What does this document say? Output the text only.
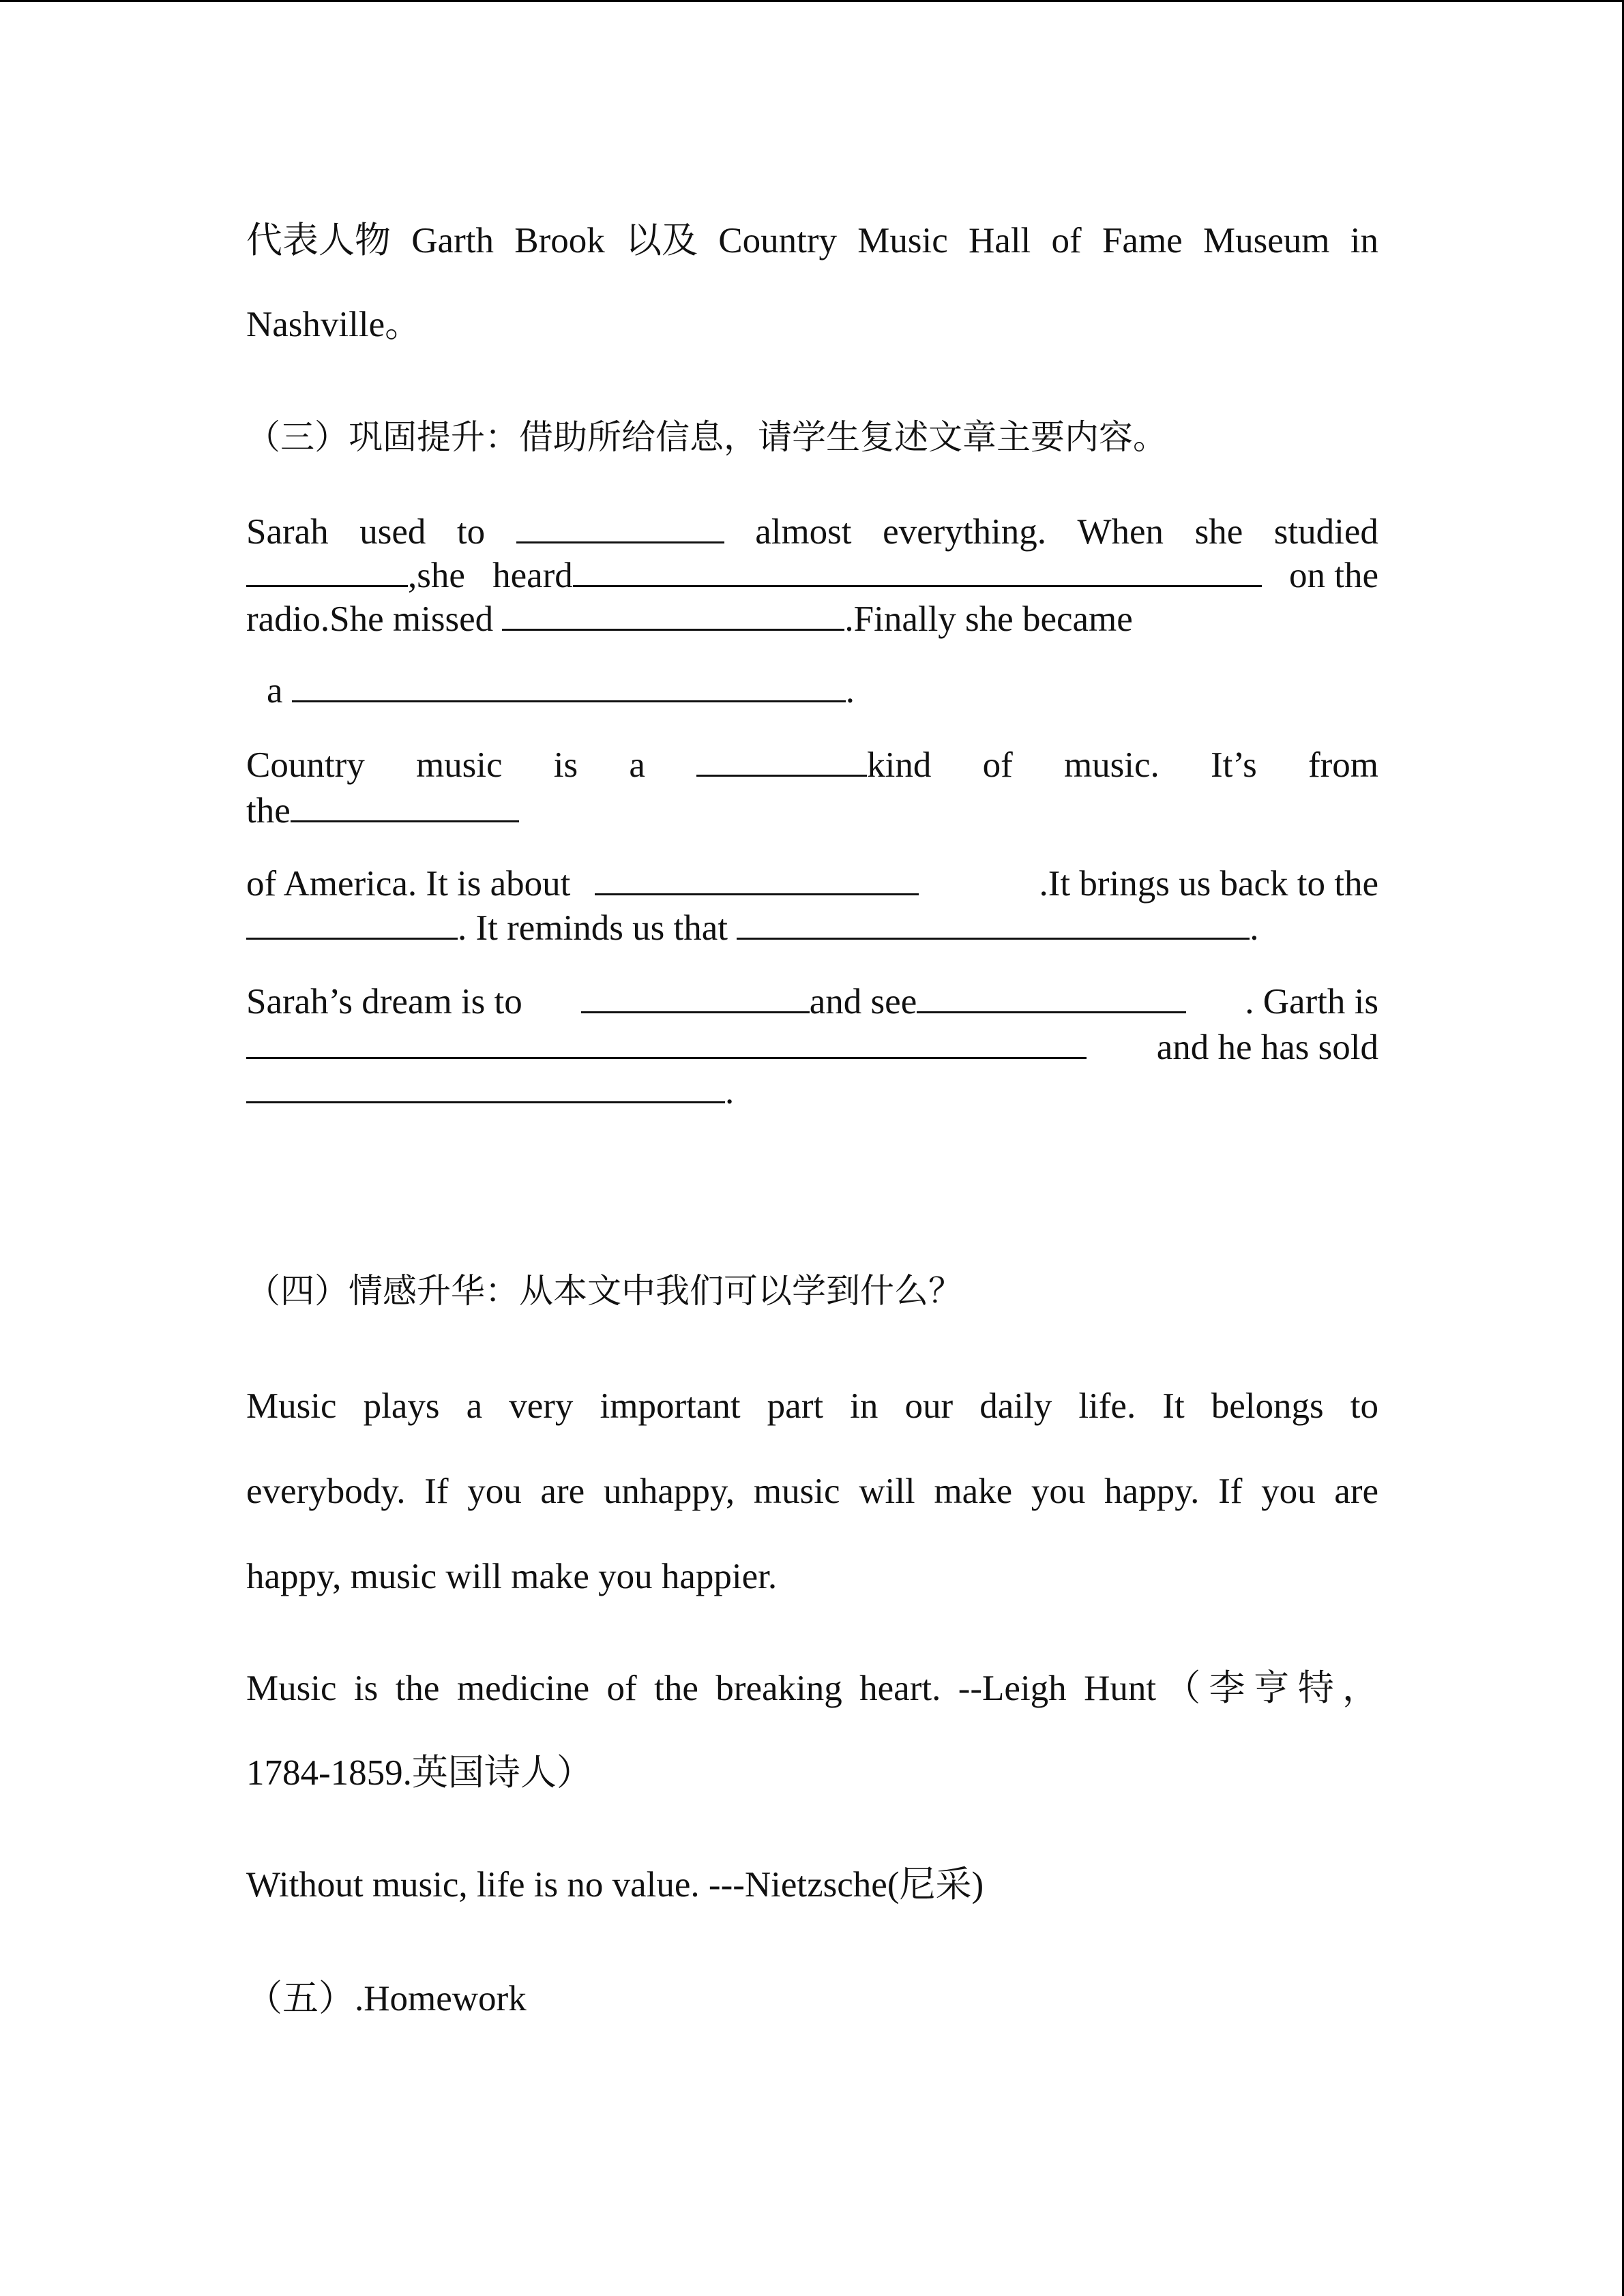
代表人物 Garth Brook 以及 Country Music Hall of Fame Museum in
Nashville。
（三）巩固提升：借助所给信息，请学生复述文章主要内容。
Sarah used to	almost everything. When she studied
,she heard	on the
radio.She missed	.Finally she became
a	.
Country music is a	kind of music. It’s from
the
of America. It is about	.It brings us back to the
. It reminds us that	.
Sarah’s dream is to	and see	. Garth is
and he has sold
.
（四）情感升华：从本文中我们可以学到什么？
Music plays a very important part in our daily life. It belongs to
everybody. If you are unhappy, music will make you happy. If you are
happy, music will make you happier.
Music is the medicine of the breaking heart. --Leigh Hunt（李亨特，
1784-1859.英国诗人）
Without music, life is no value. ---Nietzsche(尼采)
（五）.Homework
